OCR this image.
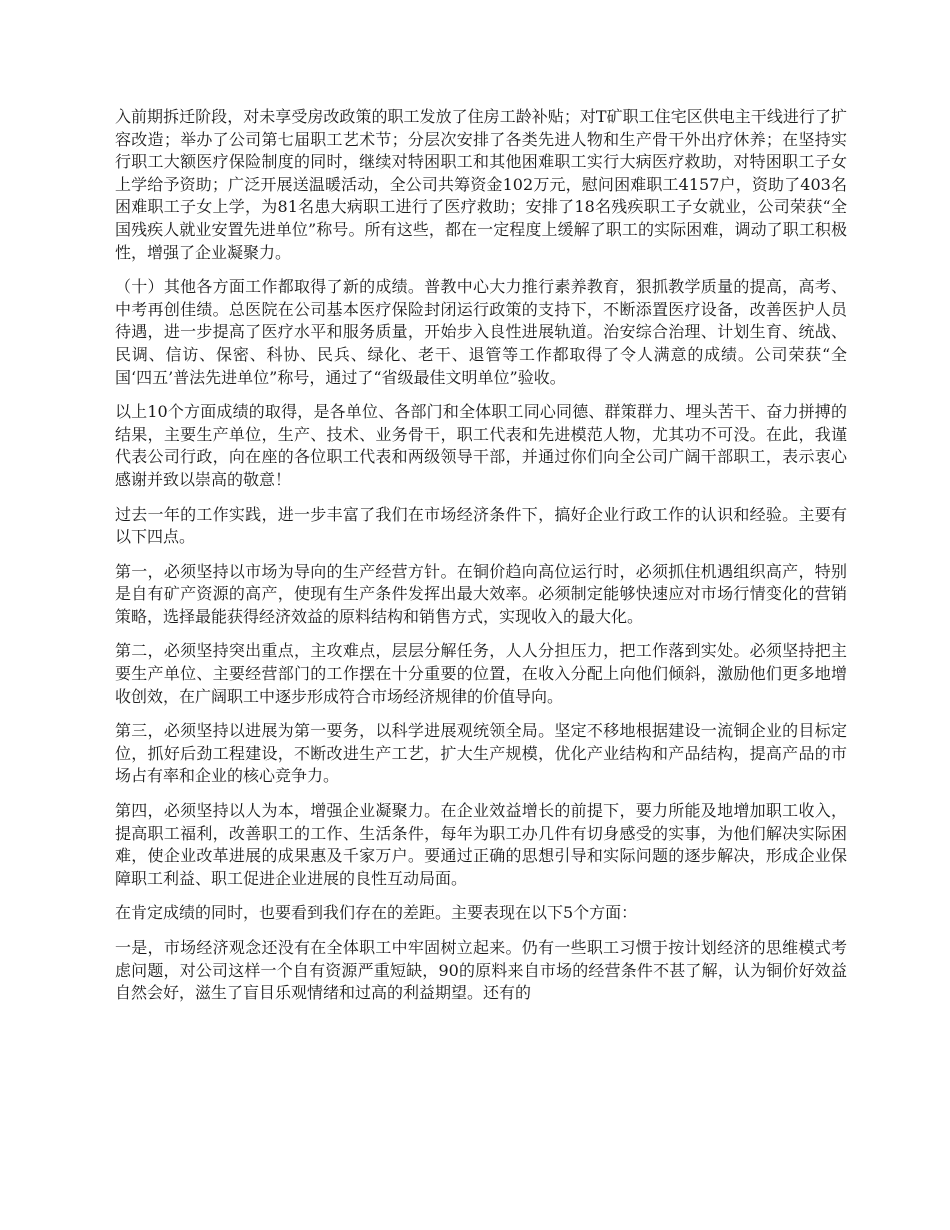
入前期拆迁阶段，对未享受房改政策的职工发放了住房工龄补贴；对T矿职工住宅区供电主干线进行了扩容改造；举办了公司第七届职工艺术节；分层次安排了各类先进人物和生产骨干外出疗休养；在坚持实行职工大额医疗保险制度的同时，继续对特困职工和其他困难职工实行大病医疗救助，对特困职工子女上学给予资助；广泛开展送温暖活动，全公司共筹资金102万元，慰问困难职工4157户，资助了403名困难职工子女上学，为81名患大病职工进行了医疗救助；安排了18名残疾职工子女就业，公司荣获“全国残疾人就业安置先进单位”称号。所有这些，都在一定程度上缓解了职工的实际困难，调动了职工积极性，增强了企业凝聚力。

（十）其他各方面工作都取得了新的成绩。普教中心大力推行素养教育，狠抓教学质量的提高，高考、中考再创佳绩。总医院在公司基本医疗保险封闭运行政策的支持下，不断添置医疗设备，改善医护人员待遇，进一步提高了医疗水平和服务质量，开始步入良性进展轨道。治安综合治理、计划生育、统战、民调、信访、保密、科协、民兵、绿化、老干、退管等工作都取得了令人满意的成绩。公司荣获“全国‘四五’普法先进单位”称号，通过了“省级最佳文明单位”验收。

以上10个方面成绩的取得，是各单位、各部门和全体职工同心同德、群策群力、埋头苦干、奋力拼搏的结果，主要生产单位，生产、技术、业务骨干，职工代表和先进模范人物，尤其功不可没。在此，我谨代表公司行政，向在座的各位职工代表和两级领导干部，并通过你们向全公司广阔干部职工，表示衷心感谢并致以崇高的敬意！

过去一年的工作实践，进一步丰富了我们在市场经济条件下，搞好企业行政工作的认识和经验。主要有以下四点。

第一，必须坚持以市场为导向的生产经营方针。在铜价趋向高位运行时，必须抓住机遇组织高产，特别是自有矿产资源的高产，使现有生产条件发挥出最大效率。必须制定能够快速应对市场行情变化的营销策略，选择最能获得经济效益的原料结构和销售方式，实现收入的最大化。

第二，必须坚持突出重点，主攻难点，层层分解任务，人人分担压力，把工作落到实处。必须坚持把主要生产单位、主要经营部门的工作摆在十分重要的位置，在收入分配上向他们倾斜，激励他们更多地增收创效，在广阔职工中逐步形成符合市场经济规律的价值导向。

第三，必须坚持以进展为第一要务，以科学进展观统领全局。坚定不移地根据建设一流铜企业的目标定位，抓好后劲工程建设，不断改进生产工艺，扩大生产规模，优化产业结构和产品结构，提高产品的市场占有率和企业的核心竞争力。

第四，必须坚持以人为本，增强企业凝聚力。在企业效益增长的前提下，要力所能及地增加职工收入，提高职工福利，改善职工的工作、生活条件，每年为职工办几件有切身感受的实事，为他们解决实际困难，使企业改革进展的成果惠及千家万户。要通过正确的思想引导和实际问题的逐步解决，形成企业保障职工利益、职工促进企业进展的良性互动局面。

在肯定成绩的同时，也要看到我们存在的差距。主要表现在以下5个方面：

一是，市场经济观念还没有在全体职工中牢固树立起来。仍有一些职工习惯于按计划经济的思维模式考虑问题，对公司这样一个自有资源严重短缺，90的原料来自市场的经营条件不甚了解，认为铜价好效益自然会好，滋生了盲目乐观情绪和过高的利益期望。还有的
